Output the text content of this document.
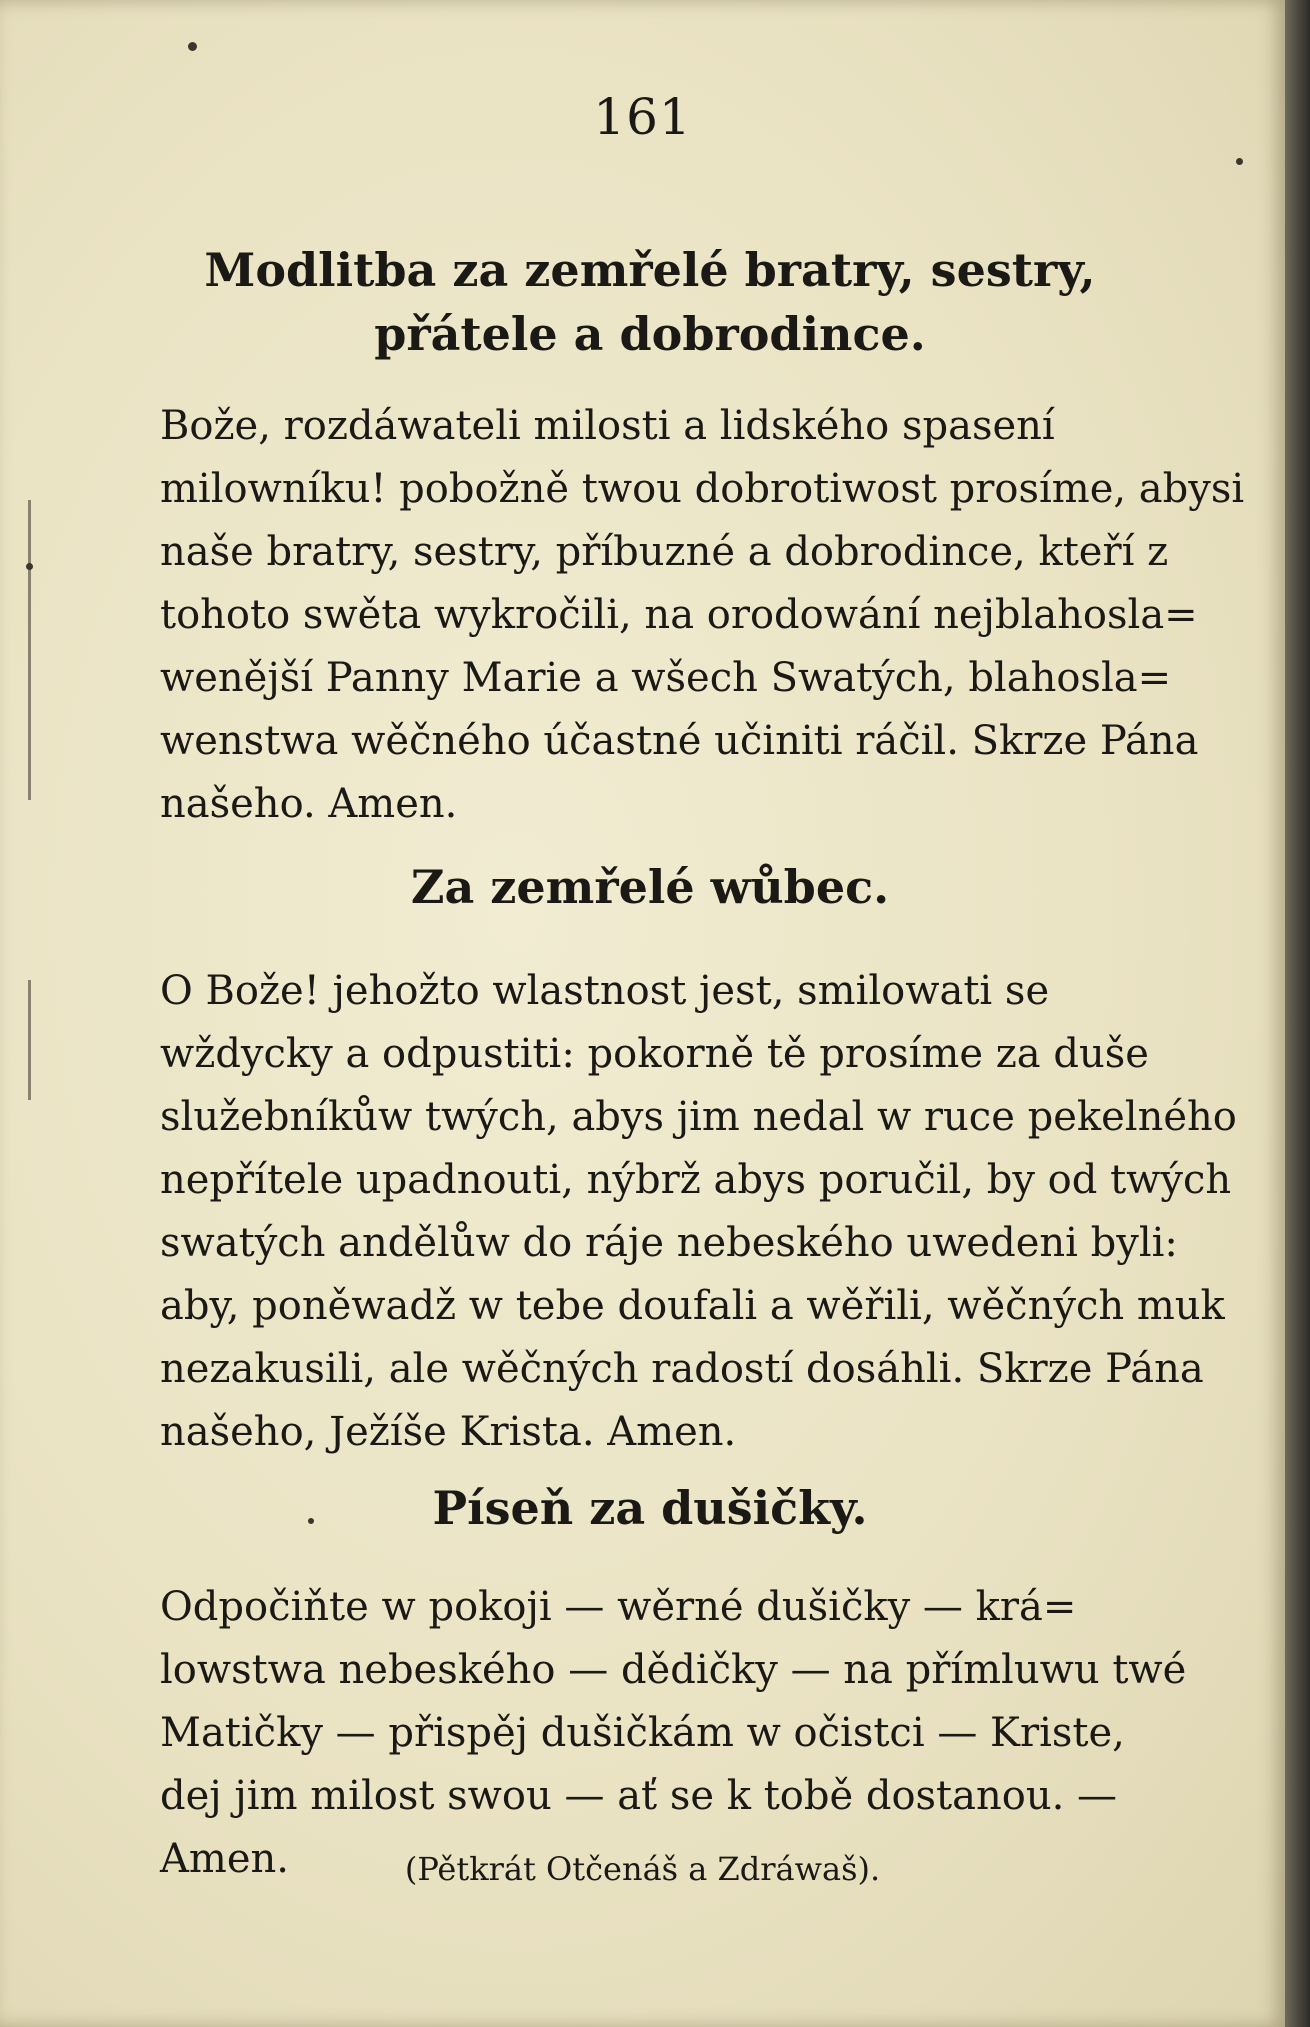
161
Modlitba za zemřelé bratry, sestry,
přátele a dobrodince.
Bože, rozdáwateli milosti a lidského spasení
milowníku! pobožně twou dobrotiwost prosíme, abysi
naše bratry, sestry, příbuzné a dobrodince, kteří z
tohoto swěta wykročili, na orodowání nejblahosla=
wenější Panny Marie a wšech Swatých, blahosla=
wenstwa wěčného účastné učiniti ráčil. Skrze Pána
našeho. Amen.
Za zemřelé wůbec.
O Bože! jehožto wlastnost jest, smilowati se
wždycky a odpustiti: pokorně tě prosíme za duše
služebníkůw twých, abys jim nedal w ruce pekelného
nepřítele upadnouti, nýbrž abys poručil, by od twých
swatých andělůw do ráje nebeského uwedeni byli:
aby, poněwadž w tebe doufali a wěřili, wěčných muk
nezakusili, ale wěčných radostí dosáhli. Skrze Pána
našeho, Ježíše Krista. Amen.
Píseň za dušičky.
Odpočiňte w pokoji — wěrné dušičky — krá=
lowstwa nebeského — dědičky — na přímluwu twé
Matičky — přispěj dušičkám w očistci — Kriste,
dej jim milost swou — ať se k tobě dostanou. —
Amen.	(Pětkrát Otčenáš a Zdráwaš).
